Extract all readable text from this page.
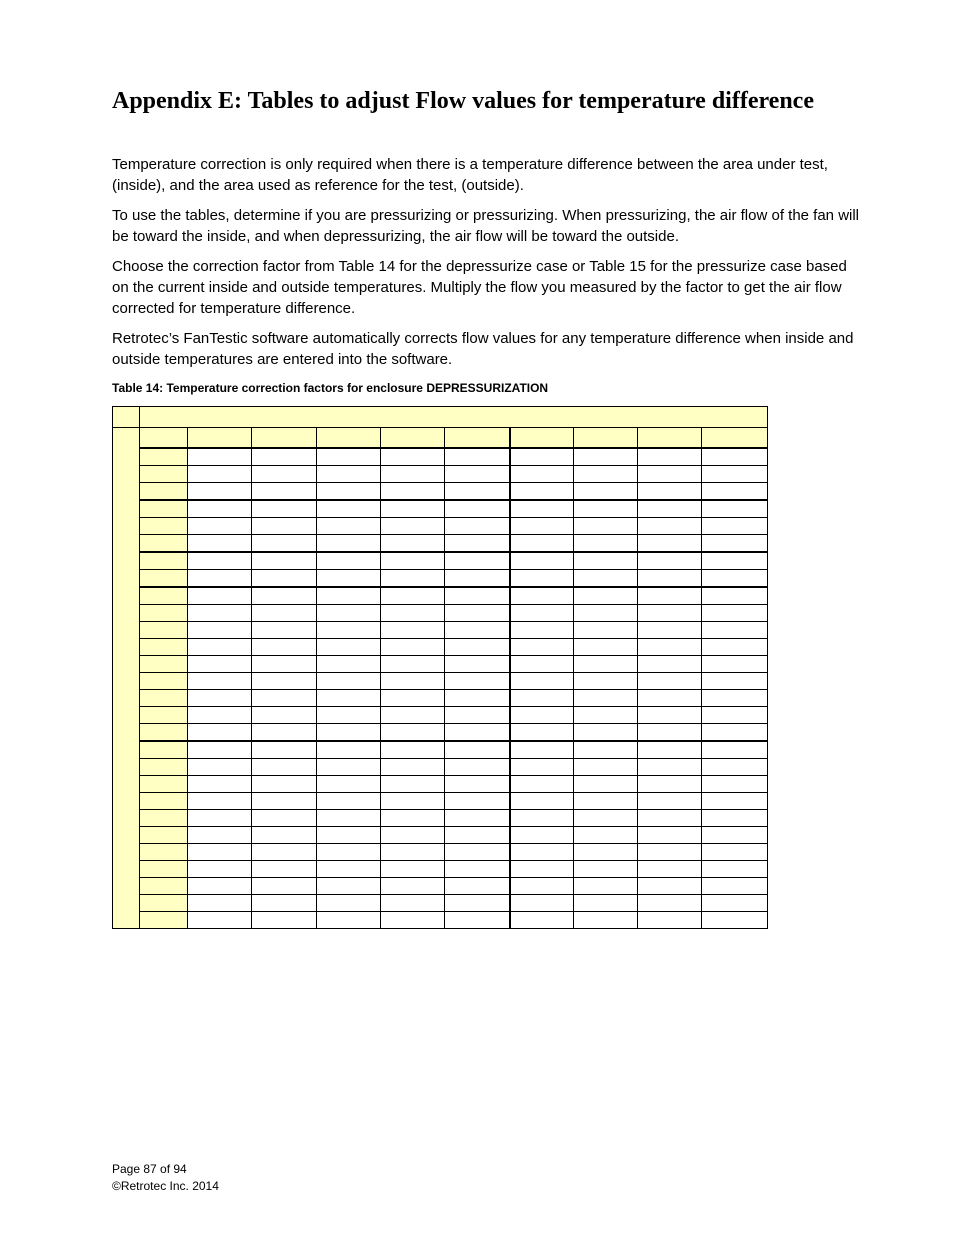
Appendix E: Tables to adjust Flow values for temperature difference

Temperature correction is only required when there is a temperature difference between the area under test, (inside), and the area used as reference for the test, (outside).

To use the tables, determine if you are pressurizing or pressurizing. When pressurizing, the air flow of the fan will be toward the inside, and when depressurizing, the air flow will be toward the outside.

Choose the correction factor from Table 14 for the depressurize case or Table 15 for the pressurize case based on the current inside and outside temperatures. Multiply the flow you measured by the factor to get the air flow corrected for temperature difference.

Retrotec’s FanTestic software automatically corrects flow values for any temperature difference when inside and outside temperatures are entered into the software.

Table 14: Temperature correction factors for enclosure DEPRESSURIZATION

Page 87 of 94
©Retrotec Inc. 2014
